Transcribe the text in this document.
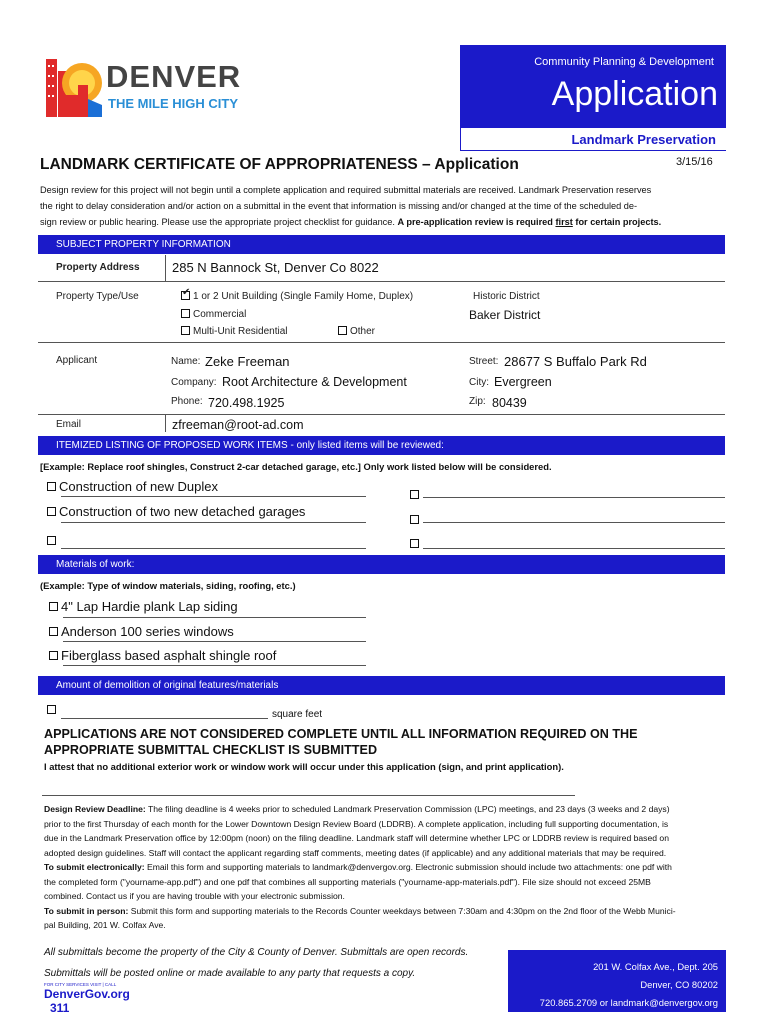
DENVER
THE MILE HIGH CITY
Community Planning & Development
Application
Landmark Preservation
LANDMARK CERTIFICATE OF APPROPRIATENESS – Application	3/15/16
Design review for this project will not begin until a complete application and required submittal materials are received. Landmark Preservation reserves
the right to delay consideration and/or action on a submittal in the event that information is missing and/or changed at the time of the scheduled de-
sign review or public hearing. Please use the appropriate project checklist for guidance. A pre-application review is required first for certain projects.
SUBJECT PROPERTY INFORMATION
Property Address 285 N Bannock St, Denver Co 8022
Property Type/Use
✔	1 or 2 Unit Building (Single Family Home, Duplex)
Commercial
Multi-Unit Residential	Other
Historic District
Baker District
Applicant	Name: Zeke Freeman
Company: Root Architecture & Development
Phone: 720.498.1925
Street: 28677 S Buffalo Park Rd
City: Evergreen
Zip: 80439
Email	zfreeman@root-ad.com
ITEMIZED LISTING OF PROPOSED WORK ITEMS - only listed items will be reviewed:
[Example: Replace roof shingles, Construct 2-car detached garage, etc.] Only work listed below will be considered.
Construction of new Duplex
Construction of two new detached garages
Materials of work:
(Example: Type of window materials, siding, roofing, etc.)
4" Lap Hardie plank Lap siding
Anderson 100 series windows
Fiberglass based asphalt shingle roof
Amount of demolition of original features/materials
square feet
APPLICATIONS ARE NOT CONSIDERED COMPLETE UNTIL ALL INFORMATION REQUIRED ON THE
APPROPRIATE SUBMITTAL CHECKLIST IS SUBMITTED
I attest that no additional exterior work or window work will occur under this application (sign, and print application).
Design Review Deadline: The filing deadline is 4 weeks prior to scheduled Landmark Preservation Commission (LPC) meetings, and 23 days (3 weeks and 2 days)
prior to the first Thursday of each month for the Lower Downtown Design Review Board (LDDRB). A complete application, including full supporting documentation, is
due in the Landmark Preservation office by 12:00pm (noon) on the filing deadline. Landmark staff will determine whether LPC or LDDRB review is required based on
adopted design guidelines. Staff will contact the applicant regarding staff comments, meeting dates (if applicable) and any additional materials that may be required.
To submit electronically: Email this form and supporting materials to landmark@denvergov.org. Electronic submission should include two attachments: one pdf with
the completed form ("yourname-app.pdf") and one pdf that combines all supporting materials ("yourname-app-materials.pdf"). File size should not exceed 25MB
combined. Contact us if you are having trouble with your electronic submission.
To submit in person: Submit this form and supporting materials to the Records Counter weekdays between 7:30am and 4:30pm on the 2nd floor of the Webb Munici-
pal Building, 201 W. Colfax Ave.
All submittals become the property of the City & County of Denver. Submittals are open records.
Submittals will be posted online or made available to any party that requests a copy.
FOR CITY SERVICES VISIT | CALL
DenverGov.org 311
201 W. Colfax Ave., Dept. 205
Denver, CO 80202
720.865.2709 or landmark@denvergov.org
